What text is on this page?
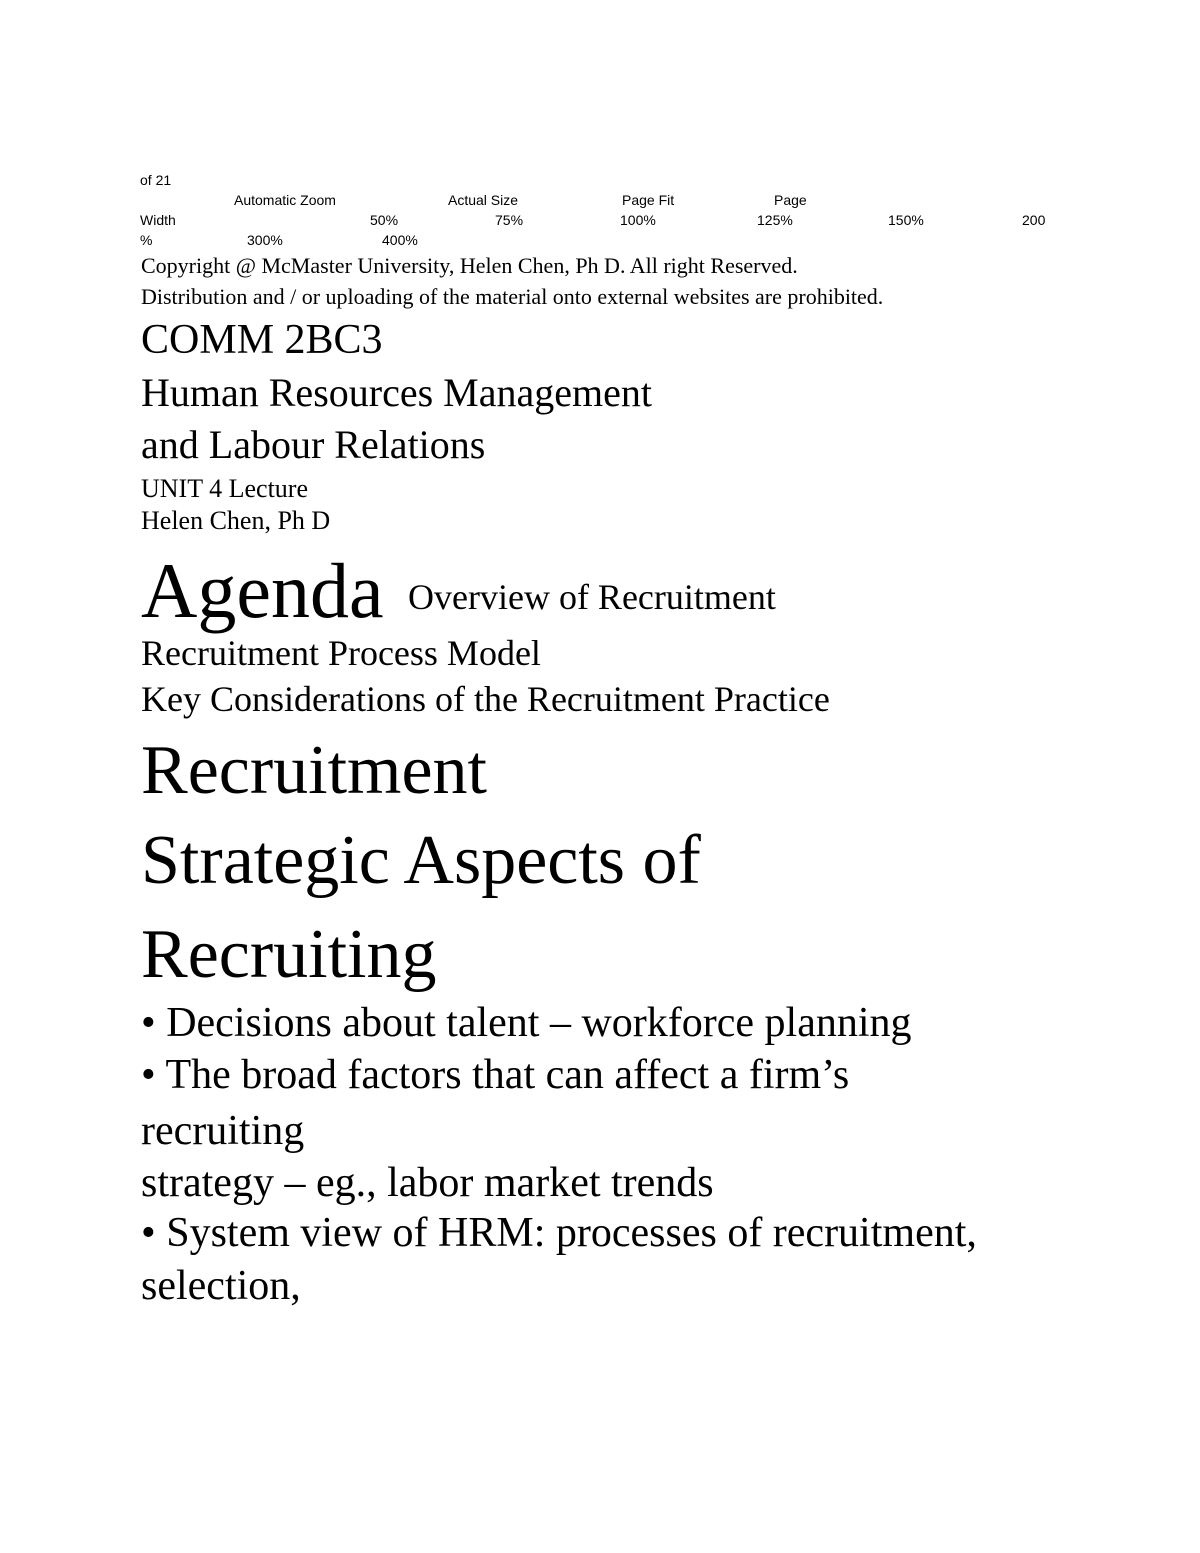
of 21
Automatic Zoom	Actual Size	Page Fit	Page
Width	50%	75%	100%	125%	150%	200
%	300%	400%
Copyright @ McMaster University, Helen Chen, Ph D. All right Reserved.
Distribution and / or uploading of the material onto external websites are prohibited.
COMM 2BC3
Human Resources Management
and Labour Relations
UNIT 4 Lecture
Helen Chen, Ph D
Agenda Overview of Recruitment
Recruitment Process Model
Key Considerations of the Recruitment Practice
Recruitment
Strategic Aspects of
Recruiting
• Decisions about talent – workforce planning
• The broad factors that can affect a firm’s
recruiting
strategy – eg., labor market trends
• System view of HRM: processes of recruitment,
selection,
